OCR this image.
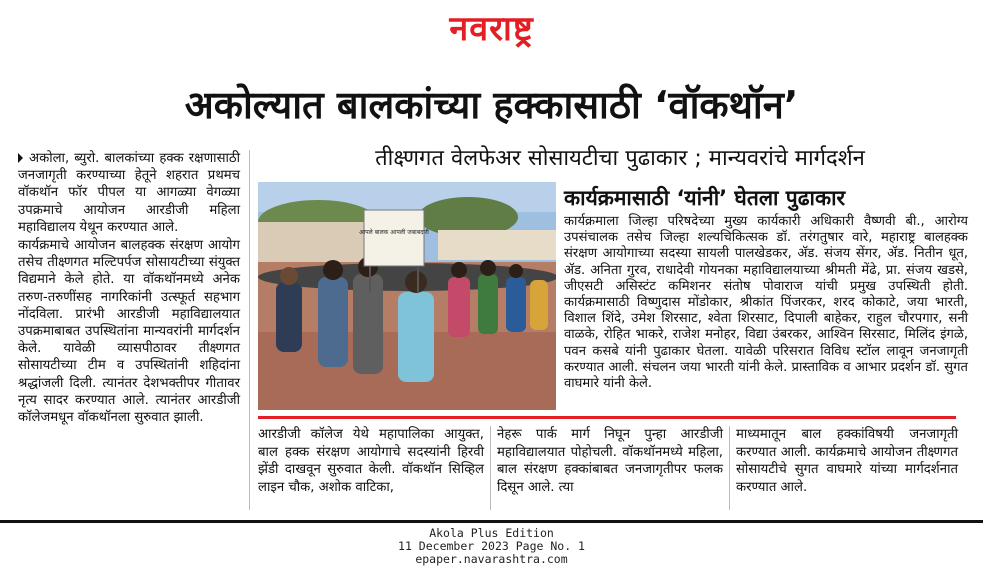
नवराष्ट्र
अकोल्यात बालकांच्या हक्कासाठी ‘वॉकथॉन’
तीक्ष्णगत वेलफेअर सोसायटीचा पुढाकार ; मान्यवरांचे मार्गदर्शन

अकोला, ब्युरो. बालकांच्या हक्क रक्षणासाठी जनजागृती करण्याच्या हेतूने शहरात प्रथमच वॉकथॉन फॉर पीपल या आगळ्या वेगळ्या उपक्रमाचे आयोजन आरडीजी महिला महाविद्यालय येथून करण्यात आले.

कार्यक्रमाचे आयोजन बालहक्क संरक्षण आयोग तसेच तीक्ष्णगत मल्टिपर्पज सोसायटीच्या संयुक्त विद्यमाने केले होते. या वॉकथॉनमध्ये अनेक तरुण-तरुणींसह नागरिकांनी उत्स्फूर्त सहभाग नोंदविला. प्रारंभी आरडीजी महाविद्यालयात उपक्रमाबाबत उपस्थितांना मान्यवरांनी मार्गदर्शन केले. यावेळी व्यासपीठावर तीक्ष्णगत सोसायटीच्या टीम व उपस्थितांनी शहिदांना श्रद्धांजली दिली. त्यानंतर देशभक्तीपर गीतावर नृत्य सादर करण्यात आले. त्यानंतर आरडीजी कॉलेजमधून वॉकथॉनला सुरुवात झाली.

आपले बालक आपली जबाबदारी
कार्यक्रमासाठी ‘यांनी’ घेतला पुढाकार
कार्यक्रमाला जिल्हा परिषदेच्या मुख्य कार्यकारी अधिकारी वैष्णवी बी., आरोग्य उपसंचालक तसेच जिल्हा शल्यचिकित्सक डॉ. तरंगतुषार वारे, महाराष्ट्र बालहक्क संरक्षण आयोगाच्या सदस्या सायली पालखेडकर, ॲड. संजय सेंगर, ॲड. नितीन धूत, ॲड. अनिता गुरव, राधादेवी गोयनका महाविद्यालयाच्या श्रीमती मेंढे, प्रा. संजय खडसे, जीएसटी असिस्टंट कमिशनर संतोष पोवाराज यांची प्रमुख उपस्थिती होती. कार्यक्रमासाठी विष्णुदास मोंडोकार, श्रीकांत पिंजरकर, शरद कोकाटे, जया भारती, विशाल शिंदे, उमेश शिरसाट, श्वेता शिरसाट, दिपाली बाहेकर, राहुल चौरपगार, सनी वाळके, रोहित भाकरे, राजेश मनोहर, विद्या उंबरकर, आश्विन सिरसाट, मिलिंद इंगळे, पवन कसबे यांनी पुढाकार घेतला. यावेळी परिसरात विविध स्टॉल लावून जनजागृती करण्यात आली. संचलन जया भारती यांनी केले. प्रास्ताविक व आभार प्रदर्शन डॉ. सुगत वाघमारे यांनी केले.
आरडीजी कॉलेज येथे महापालिका आयुक्त, बाल हक्क संरक्षण आयोगाचे सदस्यांनी हिरवी झेंडी दाखवून सुरुवात केली. वॉकथॉन सिव्हिल लाइन चौक, अशोक वाटिका,
नेहरू पार्क मार्ग निघून पुन्हा आरडीजी महाविद्यालयात पोहोचली. वॉकथॉनमध्ये महिला, बाल संरक्षण हक्कांबाबत जनजागृतीपर फलक दिसून आले. त्या
माध्यमातून बाल हक्कांविषयी जनजागृती करण्यात आली. कार्यक्रमाचे आयोजन तीक्ष्णगत सोसायटीचे सुगत वाघमारे यांच्या मार्गदर्शनात करण्यात आले.
Akola Plus Edition
11 December 2023 Page No. 1
epaper.navarashtra.com
